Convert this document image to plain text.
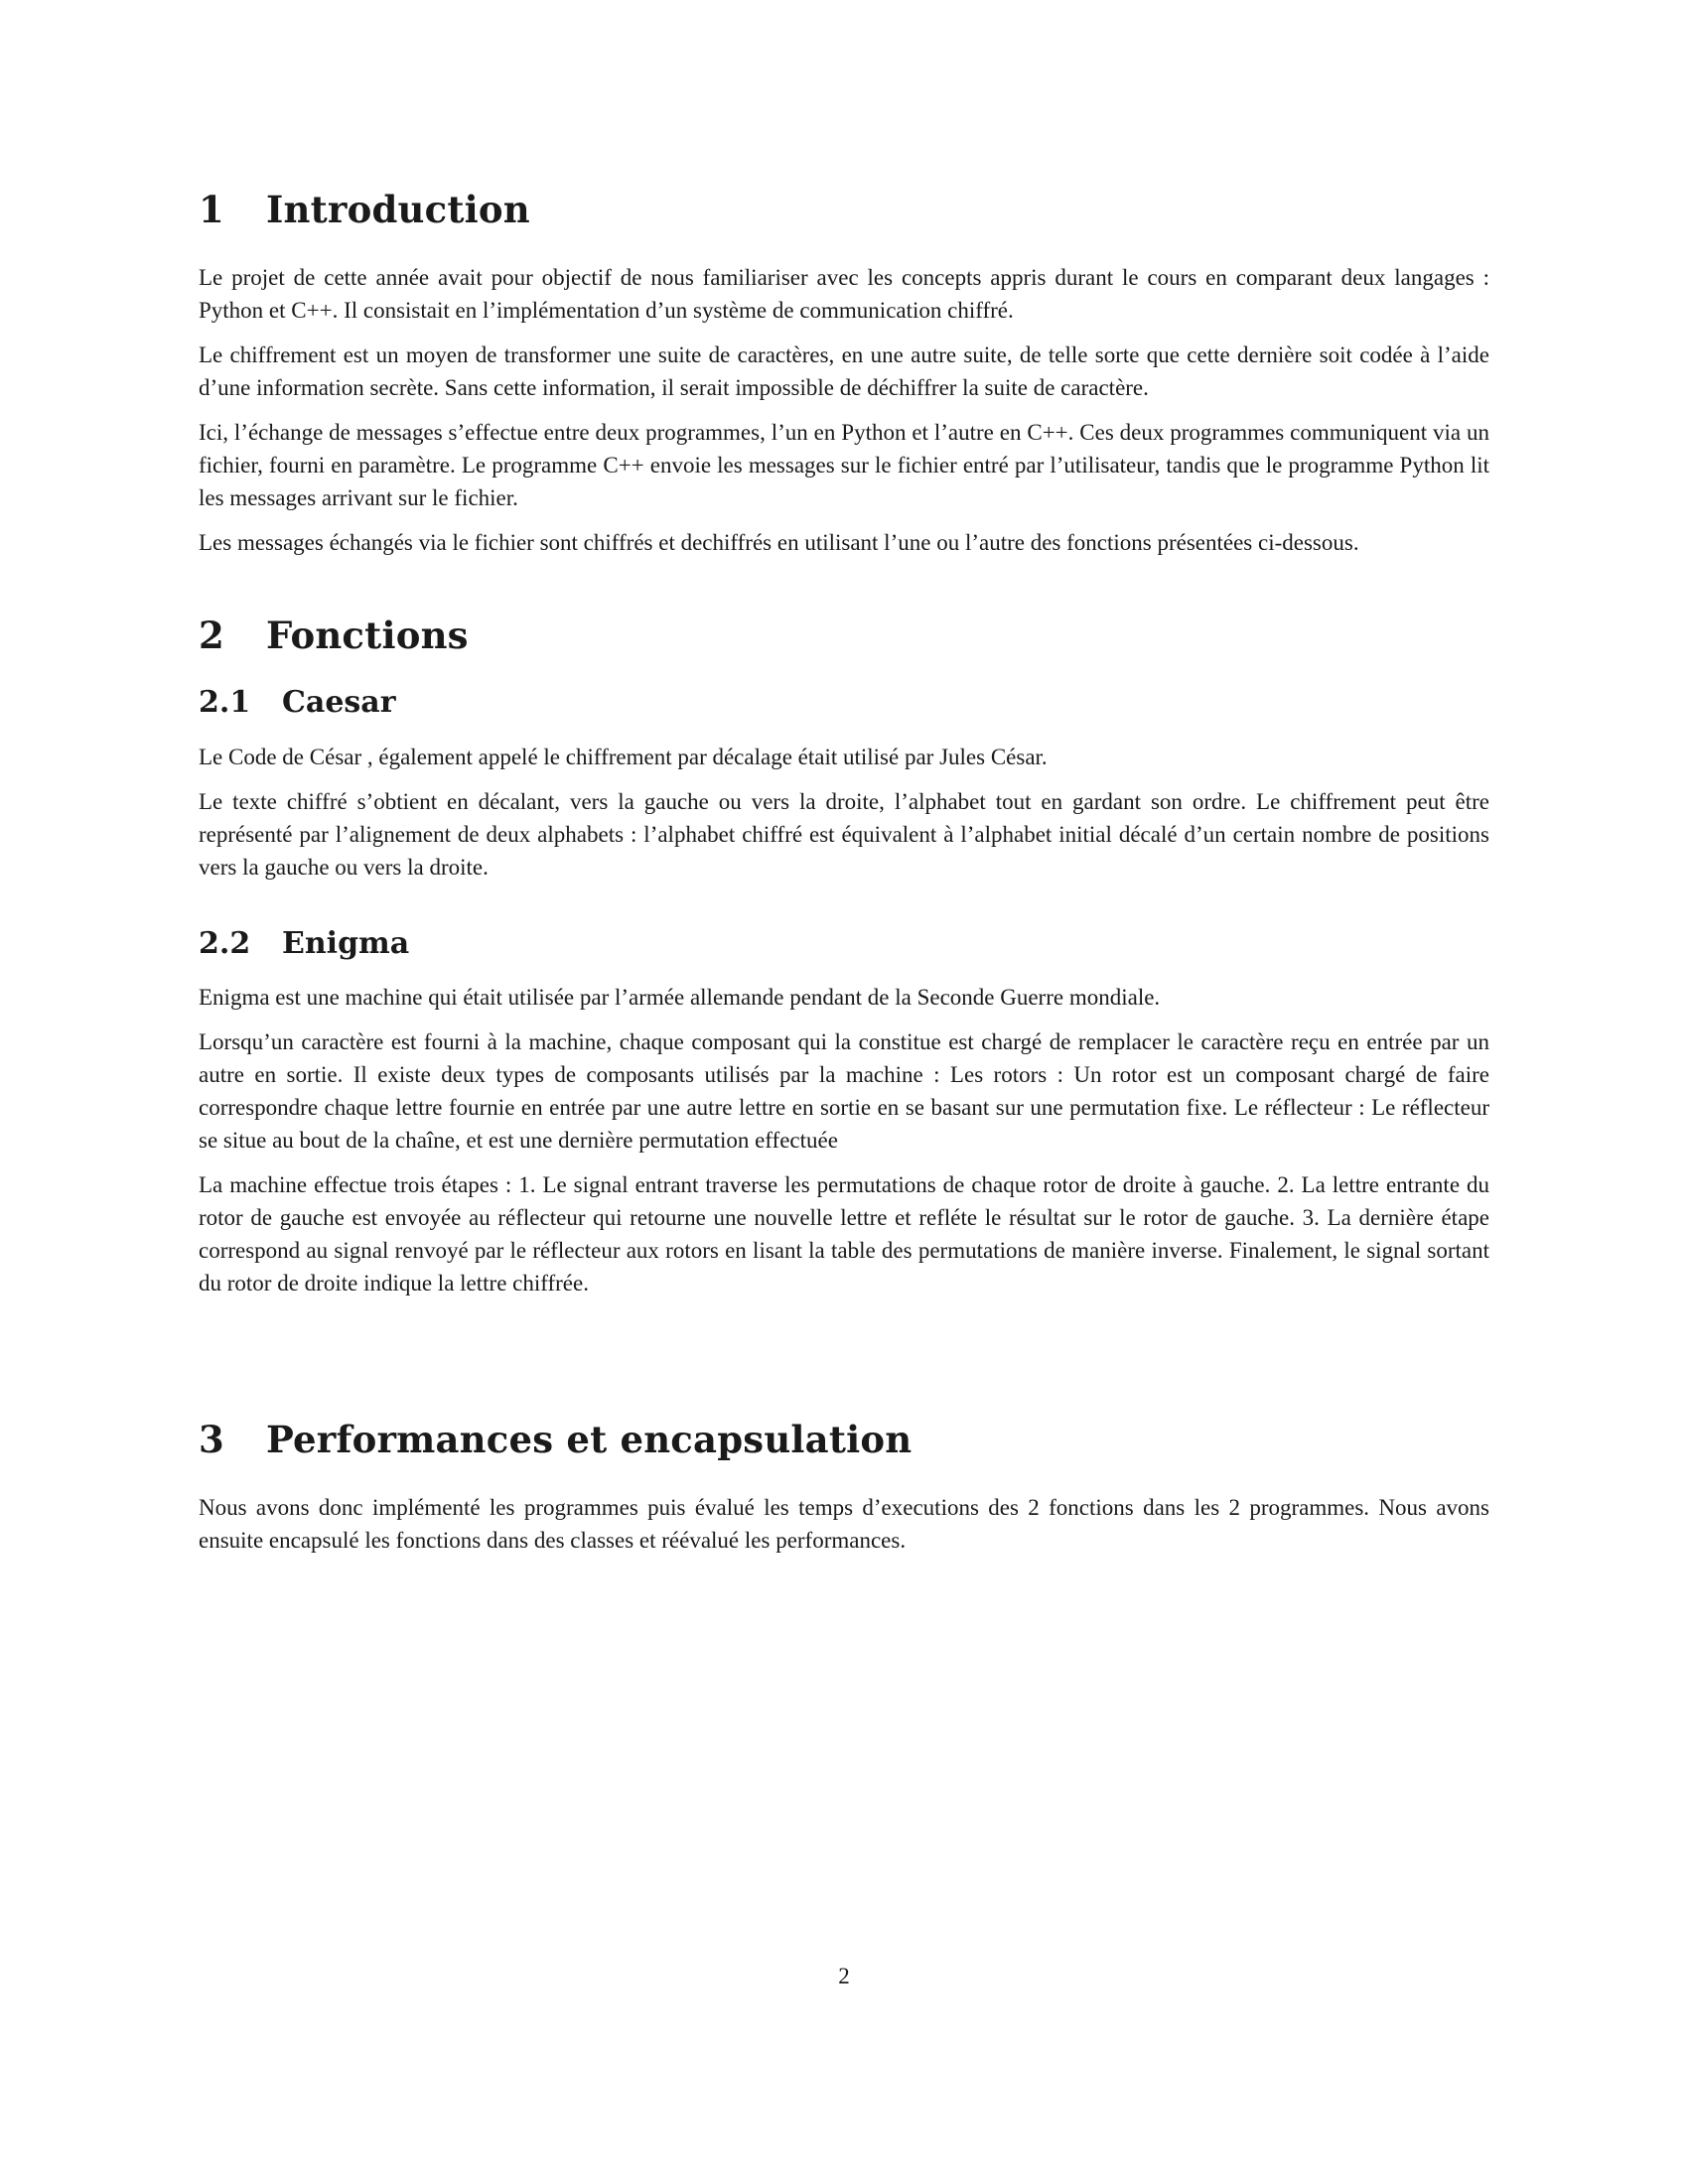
1 Introduction

Le projet de cette année avait pour objectif de nous familiariser avec les concepts appris durant le cours en comparant deux langages : Python et C++. Il consistait en l’implémentation d’un système de communication chiffré.

Le chiffrement est un moyen de transformer une suite de caractères, en une autre suite, de telle sorte que cette dernière soit codée à l’aide d’une information secrète. Sans cette information, il serait impossible de déchiffrer la suite de caractère.

Ici, l’échange de messages s’effectue entre deux programmes, l’un en Python et l’autre en C++. Ces deux programmes communiquent via un fichier, fourni en paramètre. Le programme C++ envoie les messages sur le fichier entré par l’utilisateur, tandis que le programme Python lit les messages arrivant sur le fichier.

Les messages échangés via le fichier sont chiffrés et dechiffrés en utilisant l’une ou l’autre des fonctions présentées ci-dessous.

2 Fonctions
2.1 Caesar

Le Code de César , également appelé le chiffrement par décalage était utilisé par Jules César.

Le texte chiffré s’obtient en décalant, vers la gauche ou vers la droite, l’alphabet tout en gardant son ordre. Le chiffrement peut être représenté par l’alignement de deux alphabets : l’alphabet chiffré est équivalent à l’alphabet initial décalé d’un certain nombre de positions vers la gauche ou vers la droite.

2.2 Enigma

Enigma est une machine qui était utilisée par l’armée allemande pendant de la Seconde Guerre mondiale.

Lorsqu’un caractère est fourni à la machine, chaque composant qui la constitue est chargé de remplacer le caractère reçu en entrée par un autre en sortie. Il existe deux types de composants utilisés par la machine : Les rotors : Un rotor est un composant chargé de faire correspondre chaque lettre fournie en entrée par une autre lettre en sortie en se basant sur une permutation fixe. Le réflecteur : Le réflecteur se situe au bout de la chaîne, et est une dernière permutation effectuée

La machine effectue trois étapes : 1. Le signal entrant traverse les permutations de chaque rotor de droite à gauche. 2. La lettre entrante du rotor de gauche est envoyée au réflecteur qui retourne une nouvelle lettre et refléte le résultat sur le rotor de gauche. 3. La dernière étape correspond au signal renvoyé par le réflecteur aux rotors en lisant la table des permutations de manière inverse. Finalement, le signal sortant du rotor de droite indique la lettre chiffrée.

3 Performances et encapsulation

Nous avons donc implémenté les programmes puis évalué les temps d’executions des 2 fonctions dans les 2 programmes. Nous avons ensuite encapsulé les fonctions dans des classes et réévalué les performances.

2
